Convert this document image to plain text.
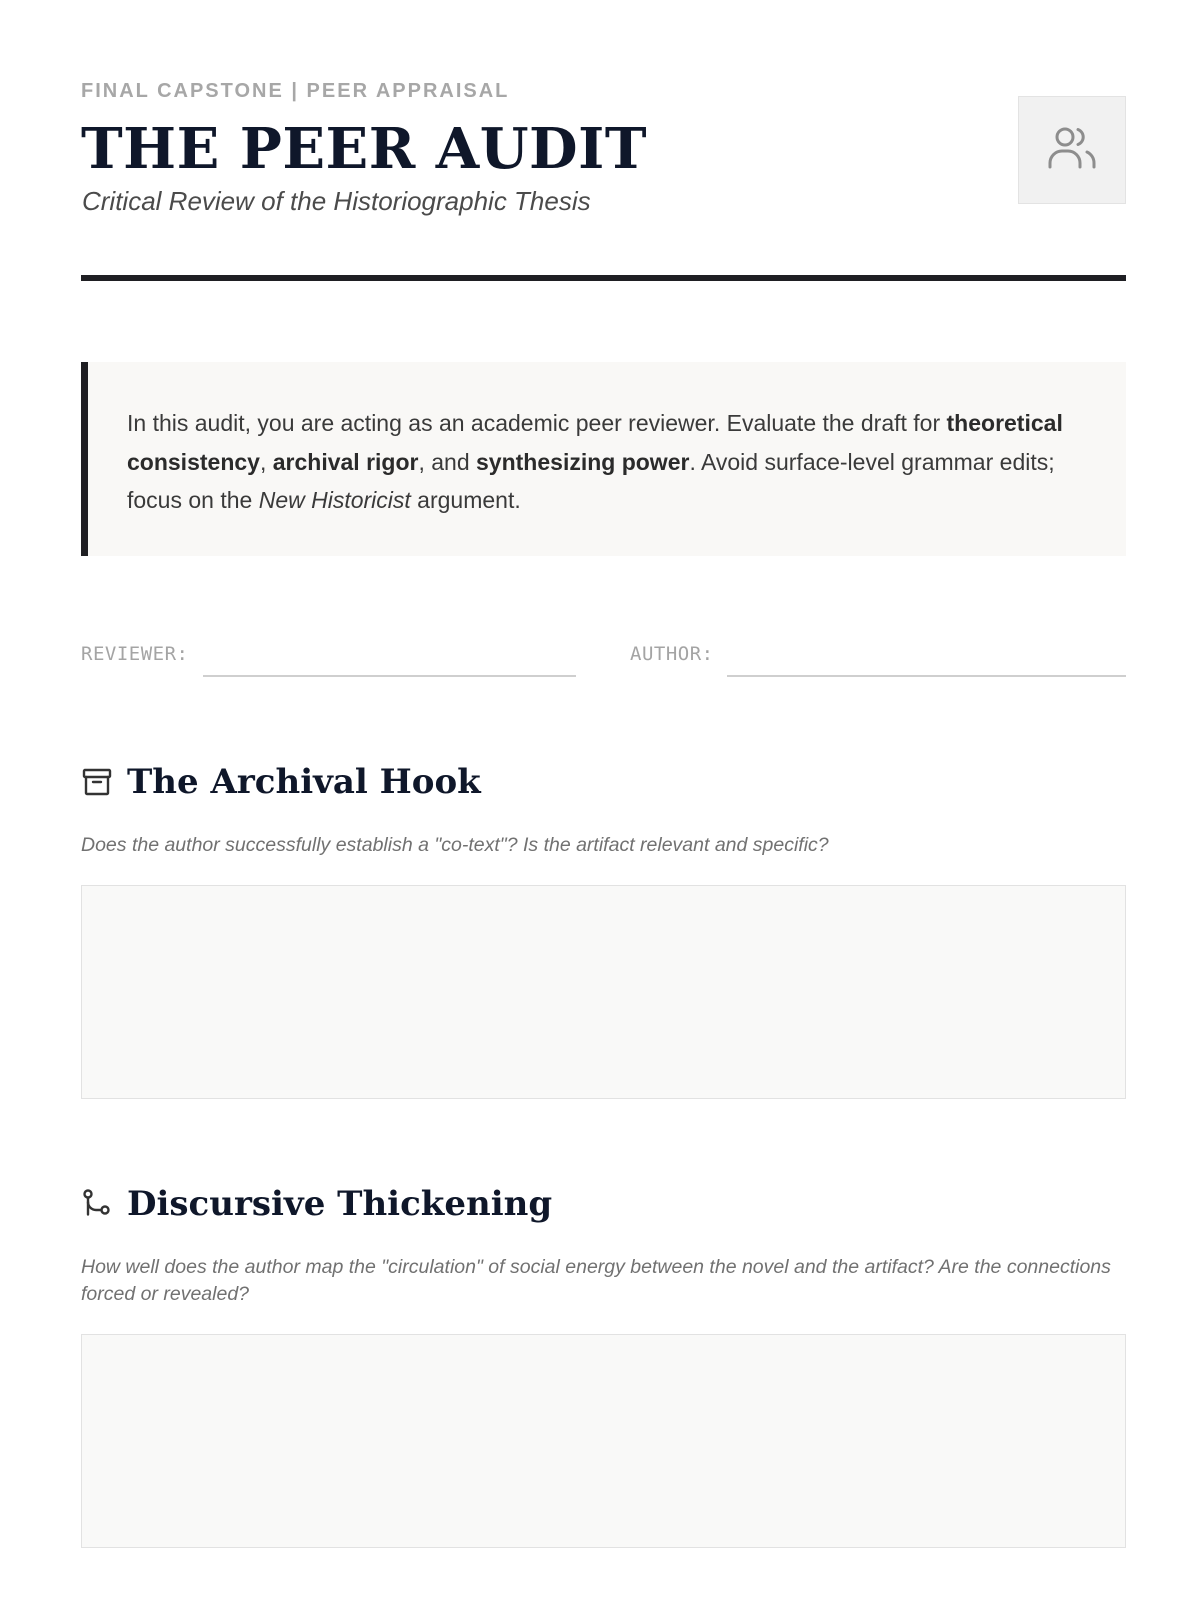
FINAL CAPSTONE | PEER APPRAISAL
THE PEER AUDIT
Critical Review of the Historiographic Thesis
In this audit, you are acting as an academic peer reviewer. Evaluate the draft for theoretical consistency, archival rigor, and synthesizing power. Avoid surface-level grammar edits; focus on the New Historicist argument.
REVIEWER:	AUTHOR:
The Archival Hook
Does the author successfully establish a "co-text"? Is the artifact relevant and specific?
Discursive Thickening
How well does the author map the "circulation" of social energy between the novel and the artifact? Are the connections forced or revealed?
